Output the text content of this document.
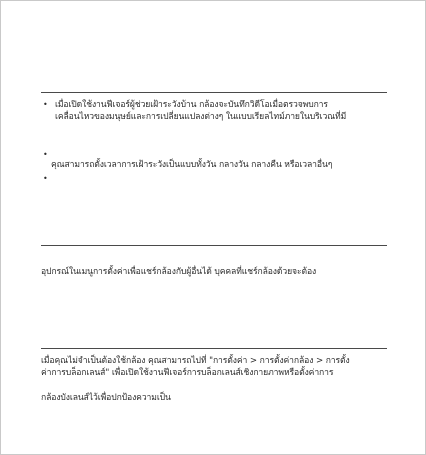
• เมื่อเปิดใช้งานฟีเจอร์ผู้ช่วยเฝ้าระวังบ้าน กล้องจะบันทึกวิดีโอเมื่อตรวจพบการ
เคลื่อนไหวของมนุษย์และการเปลี่ยนแปลงต่างๆ ในแบบเรียลไทม์ภายในบริเวณที่มี
•
คุณสามารถตั้งเวลาการเฝ้าระวังเป็นแบบทั้งวัน กลางวัน กลางคืน หรือเวลาอื่นๆ
•
อุปกรณ์ในเมนูการตั้งค่าเพื่อแชร์กล้องกับผู้อื่นได้ บุคคลที่แชร์กล้องด้วยจะต้อง
เมื่อคุณไม่จำเป็นต้องใช้กล้อง คุณสามารถไปที่ "การตั้งค่า > การตั้งค่ากล้อง > การตั้ง
ค่าการบล็อกเลนส์" เพื่อเปิดใช้งานฟีเจอร์การบล็อกเลนส์เชิงกายภาพหรือตั้งค่าการ
กล้องบังเลนส์ไว้เพื่อปกป้องความเป็น
